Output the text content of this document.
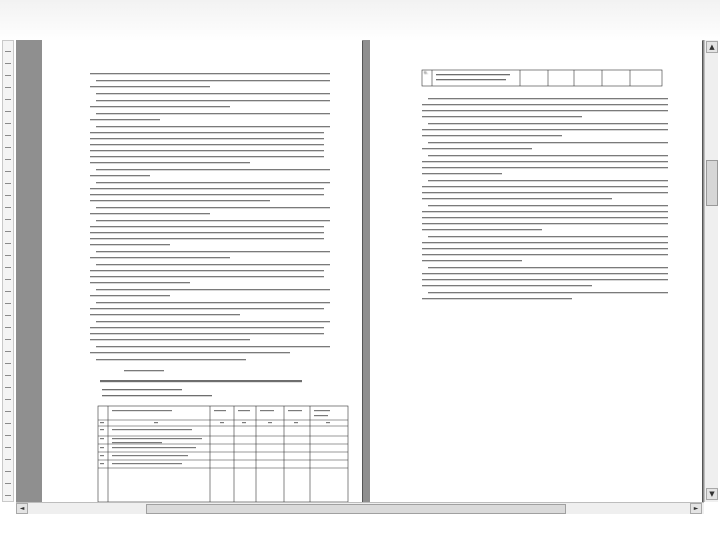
6.
▲
▼
◄	►
